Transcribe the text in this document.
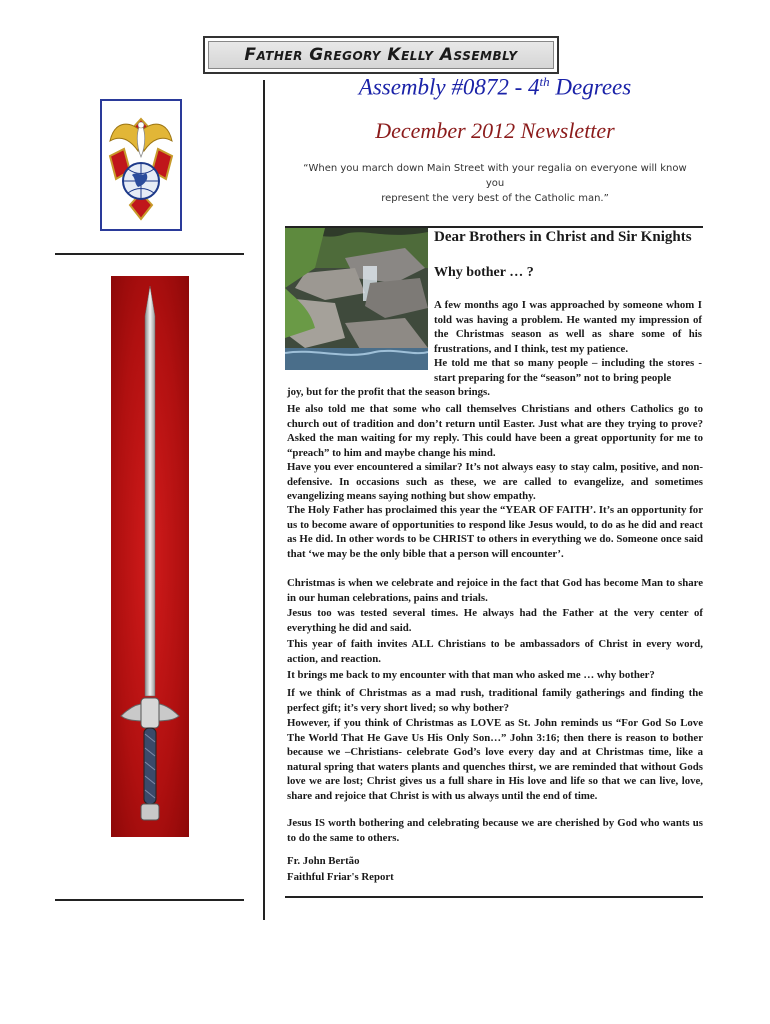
Father Gregory Kelly Assembly
Assembly #0872 - 4th Degrees
December 2012 Newsletter
“When you march down Main Street with your regalia on everyone will know you
represent the very best of the Catholic man.”
Dear Brothers in Christ and Sir Knights
Why bother … ?

A few months ago I was approached by someone whom I told was having a problem. He wanted my impression of the Christmas season as well as share some of his frustrations, and I think, test my patience.

He told me that so many people – including the stores - start preparing for the “season” not to bring people

joy, but for the profit that the season brings.

He also told me that some who call themselves Christians and others Catholics go to church out of tradition and don’t return until Easter. Just what are they trying to prove? Asked the man waiting for my reply. This could have been a great opportunity for me to “preach” to him and maybe change his mind.

Have you ever encountered a similar? It’s not always easy to stay calm, positive, and non-defensive. In occasions such as these, we are called to evangelize, and sometimes evangelizing means saying nothing but show empathy.

The Holy Father has proclaimed this year the “YEAR OF FAITH’. It’s an opportunity for us to become aware of opportunities to respond like Jesus would, to do as he did and react as He did. In other words to be CHRIST to others in everything we do. Someone once said that ‘we may be the only bible that a person will encounter’.

Christmas is when we celebrate and rejoice in the fact that God has become Man to share in our human celebrations, pains and trials.

Jesus too was tested several times. He always had the Father at the very center of everything he did and said.

This year of faith invites ALL Christians to be ambassadors of Christ in every word, action, and reaction.

It brings me back to my encounter with that man who asked me … why bother?

If we think of Christmas as a mad rush, traditional family gatherings and finding the perfect gift; it’s very short lived; so why bother?

However, if you think of Christmas as LOVE as St. John reminds us “For God So Love The World That He Gave Us His Only Son…” John 3:16; then there is reason to bother because we –Christians- celebrate God’s love every day and at Christmas time, like a natural spring that waters plants and quenches thirst, we are reminded that without Gods love we are lost; Christ gives us a full share in His love and life so that we can live, love, share and rejoice that Christ is with us always until the end of time.

Jesus IS worth bothering and celebrating because we are cherished by God who wants us to do the same to others.

Fr. John Bertão
Faithful Friar's Report
